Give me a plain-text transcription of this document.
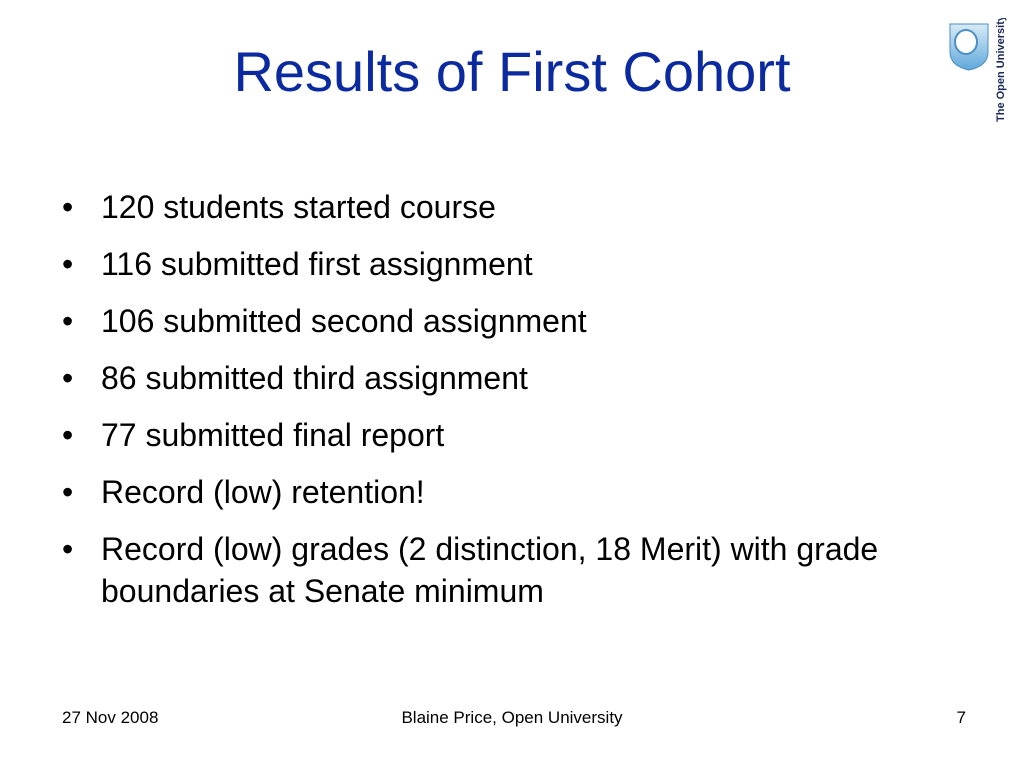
Results of First Cohort	The Open University
• 120 students started course
• 116 submitted first assignment
• 106 submitted second assignment
• 86 submitted third assignment
• 77 submitted final report
• Record (low) retention!
• Record (low) grades (2 distinction, 18 Merit) with grade boundaries at Senate minimum
27 Nov 2008	Blaine Price, Open University	7
